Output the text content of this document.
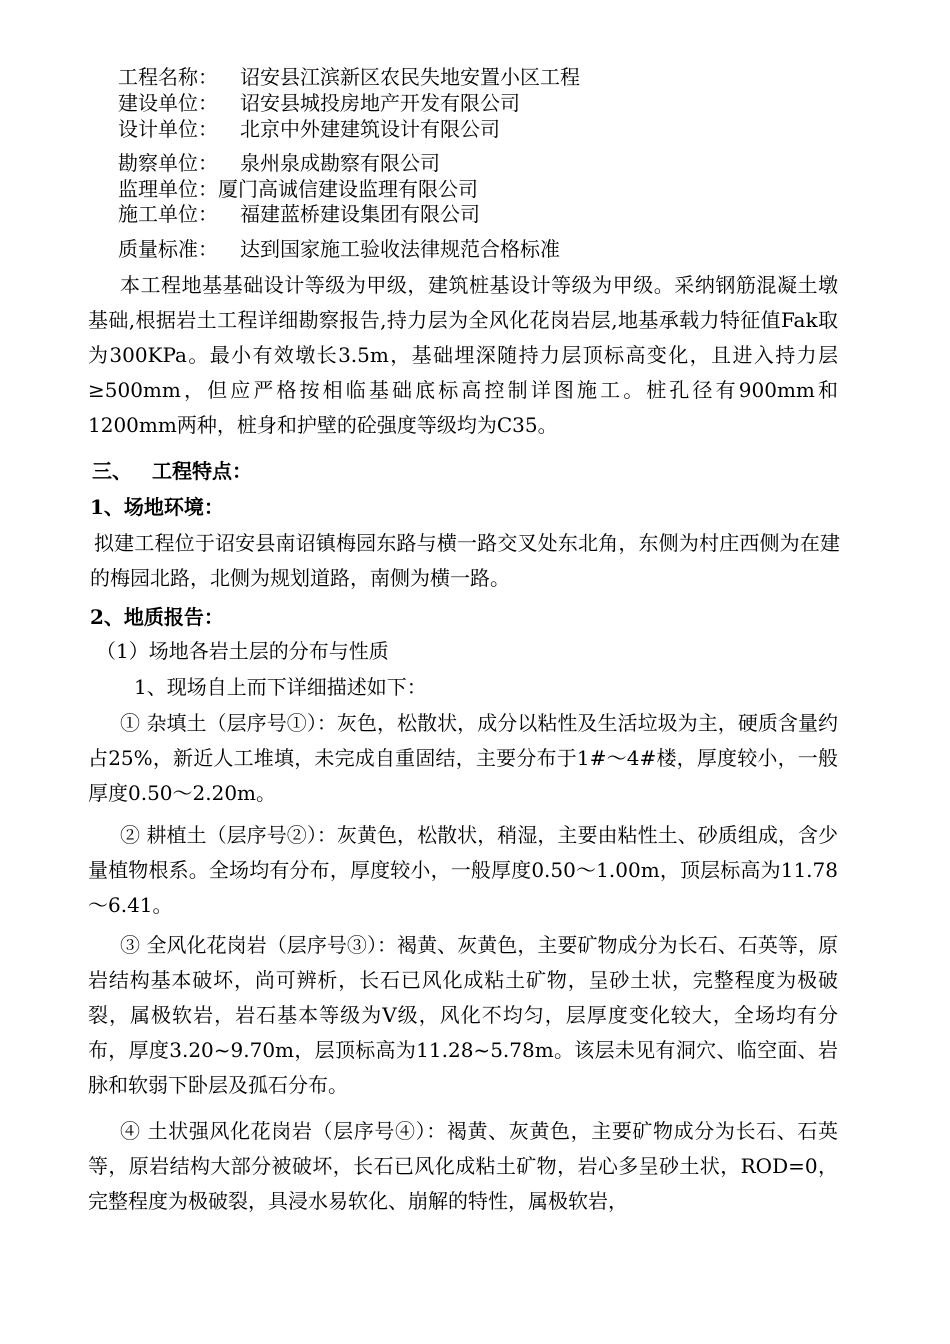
工程名称： 诏安县江滨新区农民失地安置小区工程
建设单位： 诏安县城投房地产开发有限公司
设计单位： 北京中外建建筑设计有限公司
勘察单位： 泉州泉成勘察有限公司
监理单位：厦门高诚信建设监理有限公司
施工单位： 福建蓝桥建设集团有限公司
质量标准： 达到国家施工验收法律规范合格标准
本工程地基基础设计等级为甲级，建筑桩基设计等级为甲级。采纳钢筋混凝土墩基础,根据岩土工程详细勘察报告,持力层为全风化花岗岩层,地基承载力特征值Fak取为300KPa。最小有效墩长3.5m，基础埋深随持力层顶标高变化，且进入持力层≥500mm，但应严格按相临基础底标高控制详图施工。桩孔径有900mm和1200mm两种，桩身和护壁的砼强度等级均为C35。
三、 工程特点：
1、场地环境：
拟建工程位于诏安县南诏镇梅园东路与横一路交叉处东北角，东侧为村庄西侧为在建的梅园北路，北侧为规划道路，南侧为横一路。
2、地质报告：
（1）场地各岩土层的分布与性质
1、现场自上而下详细描述如下：
① 杂填土（层序号①）：灰色，松散状，成分以粘性及生活垃圾为主，硬质含量约占25%，新近人工堆填，未完成自重固结，主要分布于1#～4#楼，厚度较小，一般厚度0.50～2.20m。
② 耕植土（层序号②）：灰黄色，松散状，稍湿，主要由粘性土、砂质组成，含少量植物根系。全场均有分布，厚度较小，一般厚度0.50～1.00m，顶层标高为11.78～6.41。
③ 全风化花岗岩（层序号③）：褐黄、灰黄色，主要矿物成分为长石、石英等，原岩结构基本破坏，尚可辨析，长石已风化成粘土矿物，呈砂土状，完整程度为极破裂，属极软岩，岩石基本等级为Ⅴ级，风化不均匀，层厚度变化较大，全场均有分布，厚度3.20~9.70m，层顶标高为11.28~5.78m。该层未见有洞穴、临空面、岩脉和软弱下卧层及孤石分布。
④ 土状强风化花岗岩（层序号④）：褐黄、灰黄色，主要矿物成分为长石、石英等，原岩结构大部分被破坏，长石已风化成粘土矿物，岩心多呈砂土状，ROD=0，完整程度为极破裂，具浸水易软化、崩解的特性，属极软岩，
